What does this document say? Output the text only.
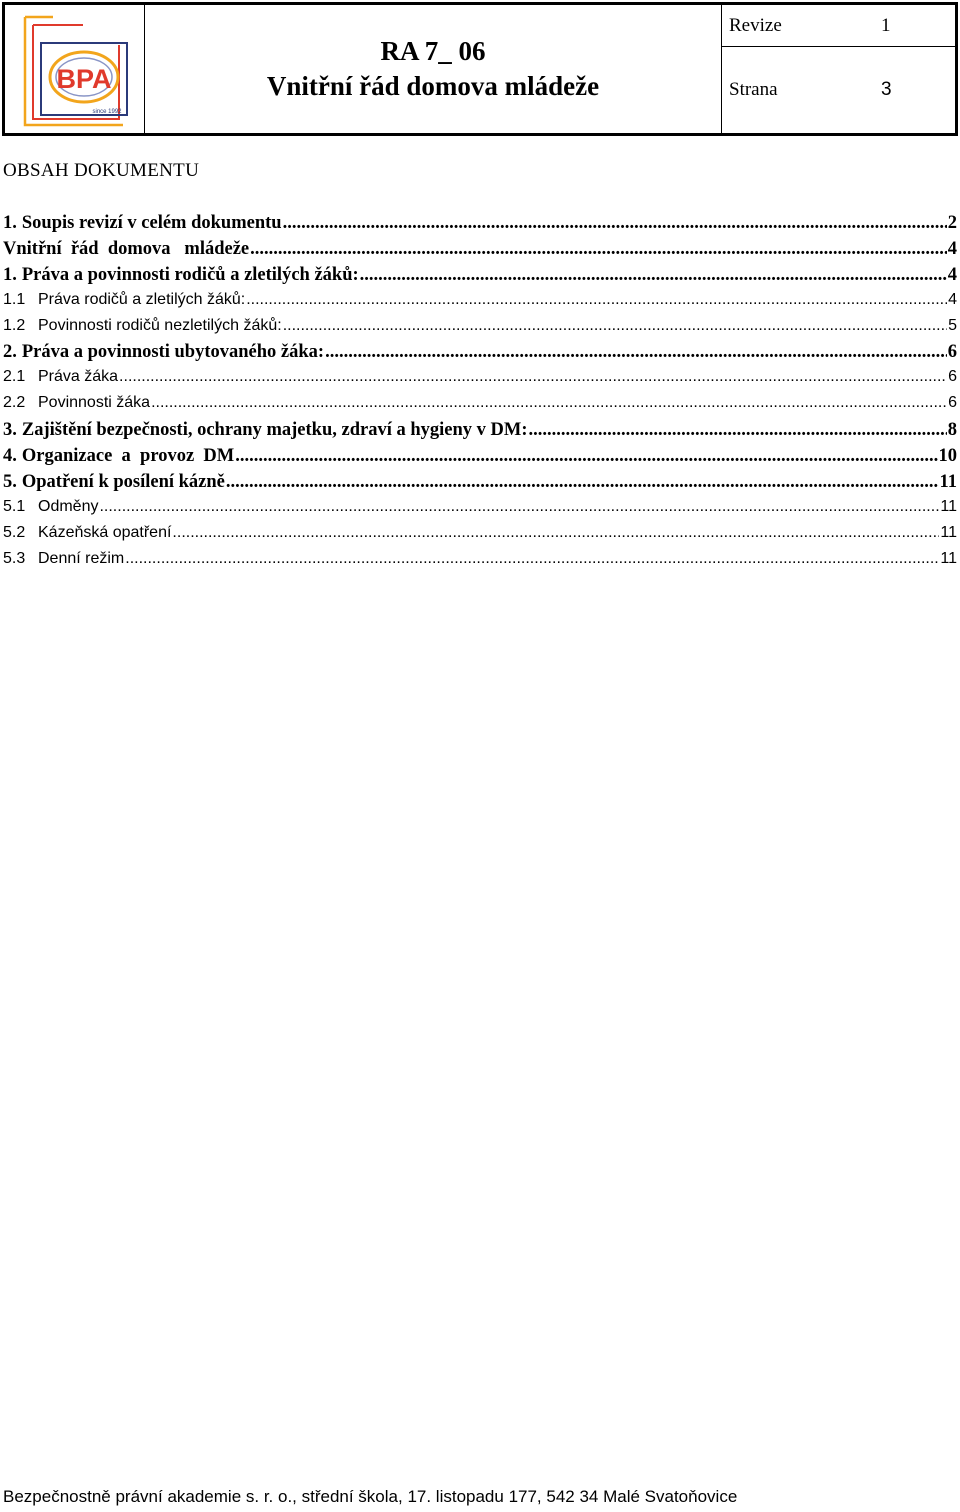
BPA
since 1992
RA 7_ 06
Vnitřní řád domova mládeže
Revize	1
Strana	3
OBSAH DOKUMENTU
1. Soupis revizí v celém dokumentu .....	2
Vnitřní  řád  domova   mládeže .....	4
1. Práva a povinnosti rodičů a zletilých žáků: .....	4
1.1 Práva rodičů a zletilých žáků: .....	4
1.2 Povinnosti rodičů nezletilých žáků: .....	5
2. Práva a povinnosti ubytovaného žáka: .....	6
2.1 Práva žáka .....	6
2.2 Povinnosti žáka .....	6
3. Zajištění bezpečnosti, ochrany majetku, zdraví a hygieny v DM: .....	8
4. Organizace  a  provoz  DM .....	10
5. Opatření k posílení kázně .....	11
5.1 Odměny .....	11
5.2 Kázeňská opatření .....	11
5.3 Denní režim .....	11
Bezpečnostně právní akademie s. r. o., střední škola, 17. listopadu 177, 542 34 Malé Svatoňovice
